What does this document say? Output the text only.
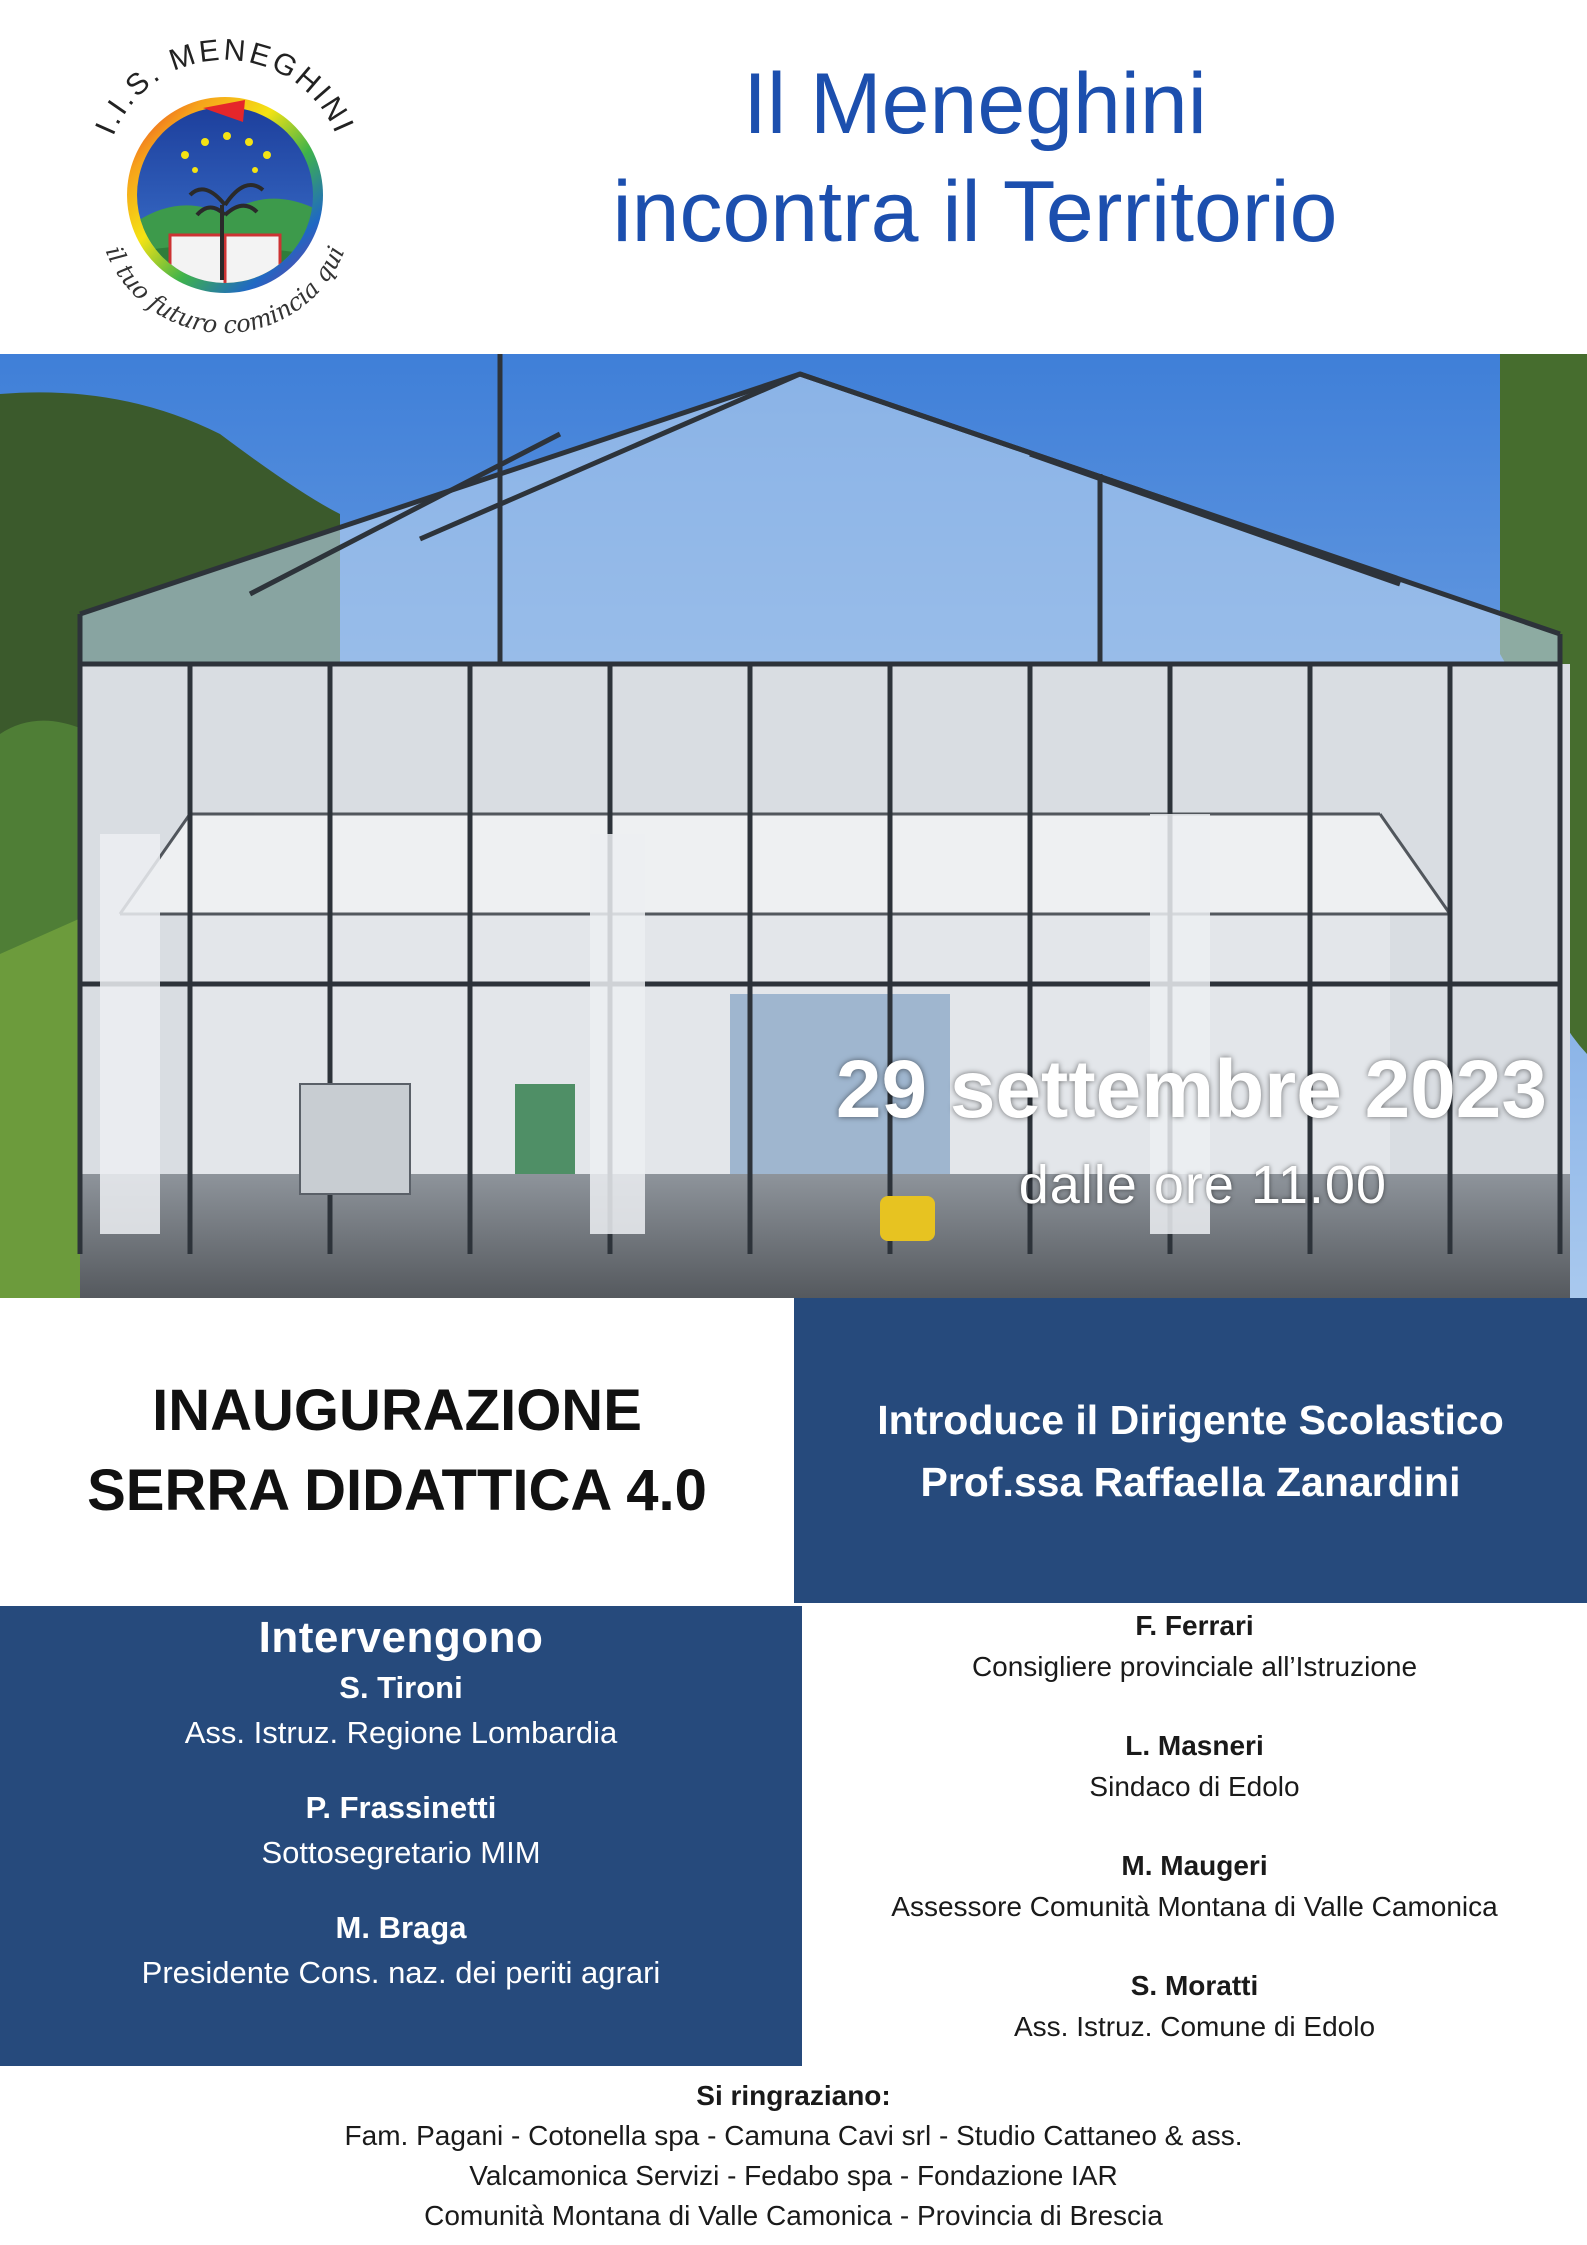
I.I.S. MENEGHINI
il tuo futuro comincia qui
Il Meneghini
incontra il Territorio
29 settembre 2023
dalle ore 11.00
INAUGURAZIONE
SERRA DIDATTICA 4.0
Introduce il Dirigente Scolastico
Prof.ssa Raffaella Zanardini
Intervengono
S. Tironi
Ass. Istruz. Regione Lombardia
P. Frassinetti
Sottosegretario MIM
M. Braga
Presidente Cons. naz. dei periti agrari
F. Ferrari
Consigliere provinciale all’Istruzione
L. Masneri
Sindaco di Edolo
M. Maugeri
Assessore Comunità Montana di Valle Camonica
S. Moratti
Ass. Istruz. Comune di Edolo
Si ringraziano:
Fam. Pagani - Cotonella spa - Camuna Cavi srl - Studio Cattaneo & ass.
Valcamonica Servizi - Fedabo spa - Fondazione IAR
Comunità Montana di Valle Camonica - Provincia di Brescia
